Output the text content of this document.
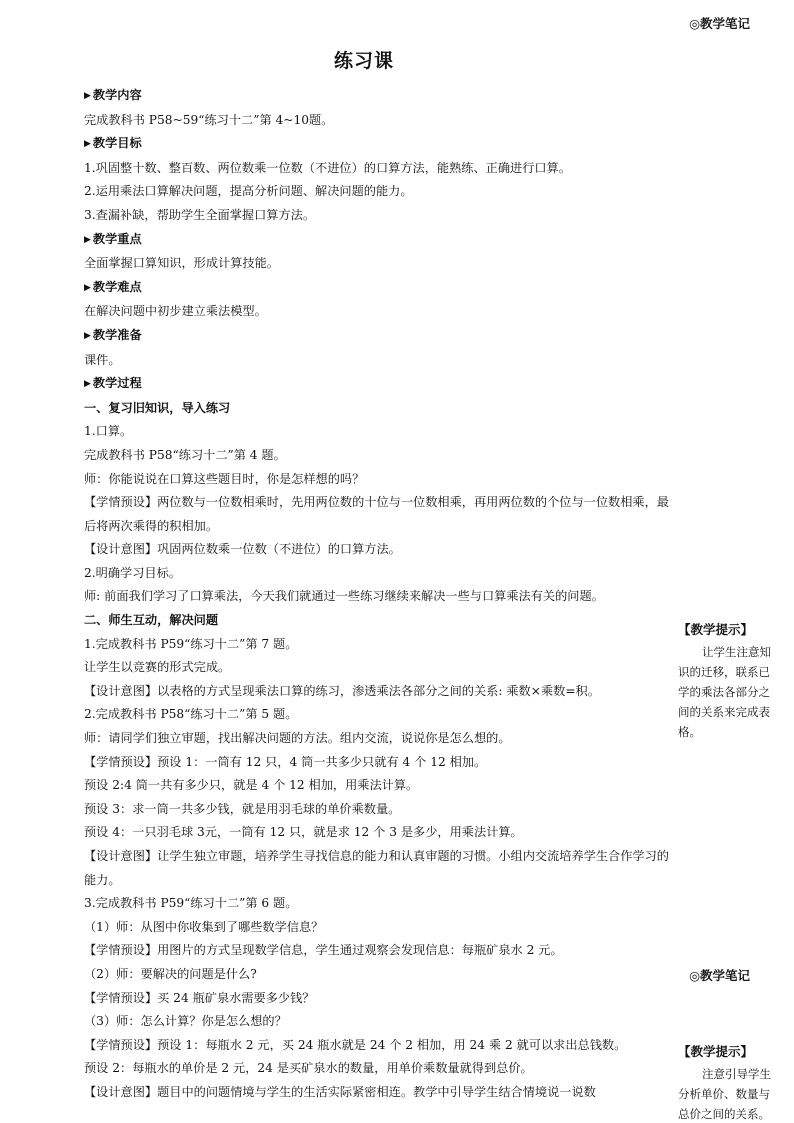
◎教学笔记
练习课

▶ 教学内容

完成教科书 P58~59“练习十二”第 4~10题。

▶ 教学目标

1.巩固整十数、整百数、两位数乘一位数（不进位）的口算方法，能熟练、正确进行口算。

2.运用乘法口算解决问题，提高分析问题、解决问题的能力。

3.查漏补缺，帮助学生全面掌握口算方法。

▶ 教学重点

全面掌握口算知识，形成计算技能。

▶ 教学难点

在解决问题中初步建立乘法模型。

▶ 教学准备

课件。

▶ 教学过程

一、复习旧知识，导入练习

1.口算。

完成教科书 P58“练习十二”第 4 题。

师：你能说说在口算这些题目时，你是怎样想的吗？

【学情预设】两位数与一位数相乘时，先用两位数的十位与一位数相乘，再用两位数的个位与一位数相乘，最后将两次乘得的积相加。

【设计意图】巩固两位数乘一位数（不进位）的口算方法。

2.明确学习目标。

师: 前面我们学习了口算乘法，今天我们就通过一些练习继续来解决一些与口算乘法有关的问题。

二、师生互动，解决问题

1.完成教科书 P59“练习十二”第 7 题。

让学生以竞赛的形式完成。

【设计意图】以表格的方式呈现乘法口算的练习，渗透乘法各部分之间的关系: 乘数×乘数=积。

2.完成教科书 P58“练习十二”第 5 题。

师：请同学们独立审题，找出解决问题的方法。组内交流，说说你是怎么想的。

【学情预设】预设 1：一筒有 12 只，4 筒一共多少只就有 4 个 12 相加。

预设 2:4 筒一共有多少只，就是 4 个 12 相加，用乘法计算。

预设 3：求一筒一共多少钱，就是用羽毛球的单价乘数量。

预设 4：一只羽毛球 3元，一筒有 12 只，就是求 12 个 3 是多少，用乘法计算。

【设计意图】让学生独立审题，培养学生寻找信息的能力和认真审题的习惯。小组内交流培养学生合作学习的能力。

3.完成教科书 P59“练习十二”第 6 题。

（1）师：从图中你收集到了哪些数学信息？

【学情预设】用图片的方式呈现数学信息，学生通过观察会发现信息：每瓶矿泉水 2 元。

（2）师：要解决的问题是什么?

【学情预设】买 24 瓶矿泉水需要多少钱？

（3）师：怎么计算？你是怎么想的？

【学情预设】预设 1：每瓶水 2 元，买 24 瓶水就是 24 个 2 相加，用 24 乘 2 就可以求出总钱数。

预设 2：每瓶水的单价是 2 元，24 是买矿泉水的数量，用单价乘数量就得到总价。

【设计意图】题目中的问题情境与学生的生活实际紧密相连。教学中引导学生结合情境说一说数

【教学提示】
让学生注意知识的迁移，联系已学的乘法各部分之间的关系来完成表格。
◎教学笔记
【教学提示】
注意引导学生分析单价、数量与总价之间的关系。
